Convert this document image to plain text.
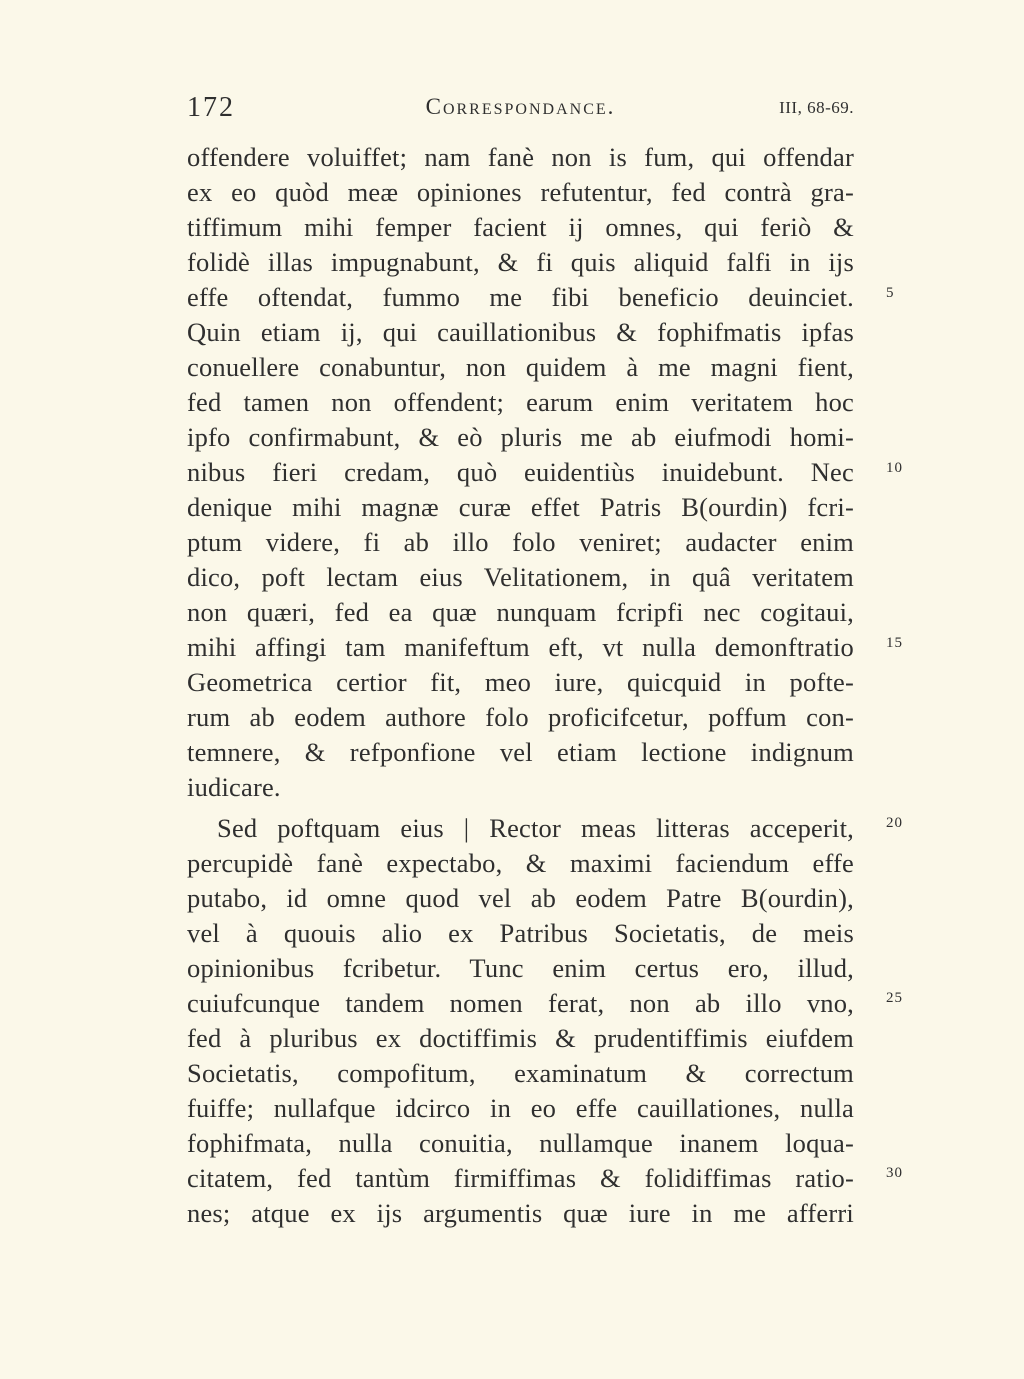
172	Correspondance.	III, 68-69.
offendere voluiffet; nam fanè non is fum, qui offendar
ex eo quòd meæ opiniones refutentur, fed contrà gra-
tiffimum mihi femper facient ij omnes, qui feriò &
folidè illas impugnabunt, & fi quis aliquid falfi in ijs
effe oftendat, fummo me fibi beneficio deuinciet.
Quin etiam ij, qui cauillationibus & fophifmatis ipfas
conuellere conabuntur, non quidem à me magni fient,
fed tamen non offendent; earum enim veritatem hoc
ipfo confirmabunt, & eò pluris me ab eiufmodi homi-
nibus fieri credam, quò euidentiùs inuidebunt. Nec
denique mihi magnæ curæ effet Patris B(ourdin) fcri-
ptum videre, fi ab illo folo veniret; audacter enim
dico, poft lectam eius Velitationem, in quâ veritatem
non quæri, fed ea quæ nunquam fcripfi nec cogitaui,
mihi affingi tam manifeftum eft, vt nulla demonftratio
Geometrica certior fit, meo iure, quicquid in pofte-
rum ab eodem authore folo proficifcetur, poffum con-
temnere, & refponfione vel etiam lectione indignum
iudicare.
Sed poftquam eius | Rector meas litteras acceperit,
percupidè fanè expectabo, & maximi faciendum effe
putabo, id omne quod vel ab eodem Patre B(ourdin),
vel à quouis alio ex Patribus Societatis, de meis
opinionibus fcribetur. Tunc enim certus ero, illud,
cuiufcunque tandem nomen ferat, non ab illo vno,
fed à pluribus ex doctiffimis & prudentiffimis eiufdem
Societatis, compofitum, examinatum & correctum
fuiffe; nullafque idcirco in eo effe cauillationes, nulla
fophifmata, nulla conuitia, nullamque inanem loqua-
citatem, fed tantùm firmiffimas & folidiffimas ratio-
nes; atque ex ijs argumentis quæ iure in me afferri
5
10
15
20
25
30
